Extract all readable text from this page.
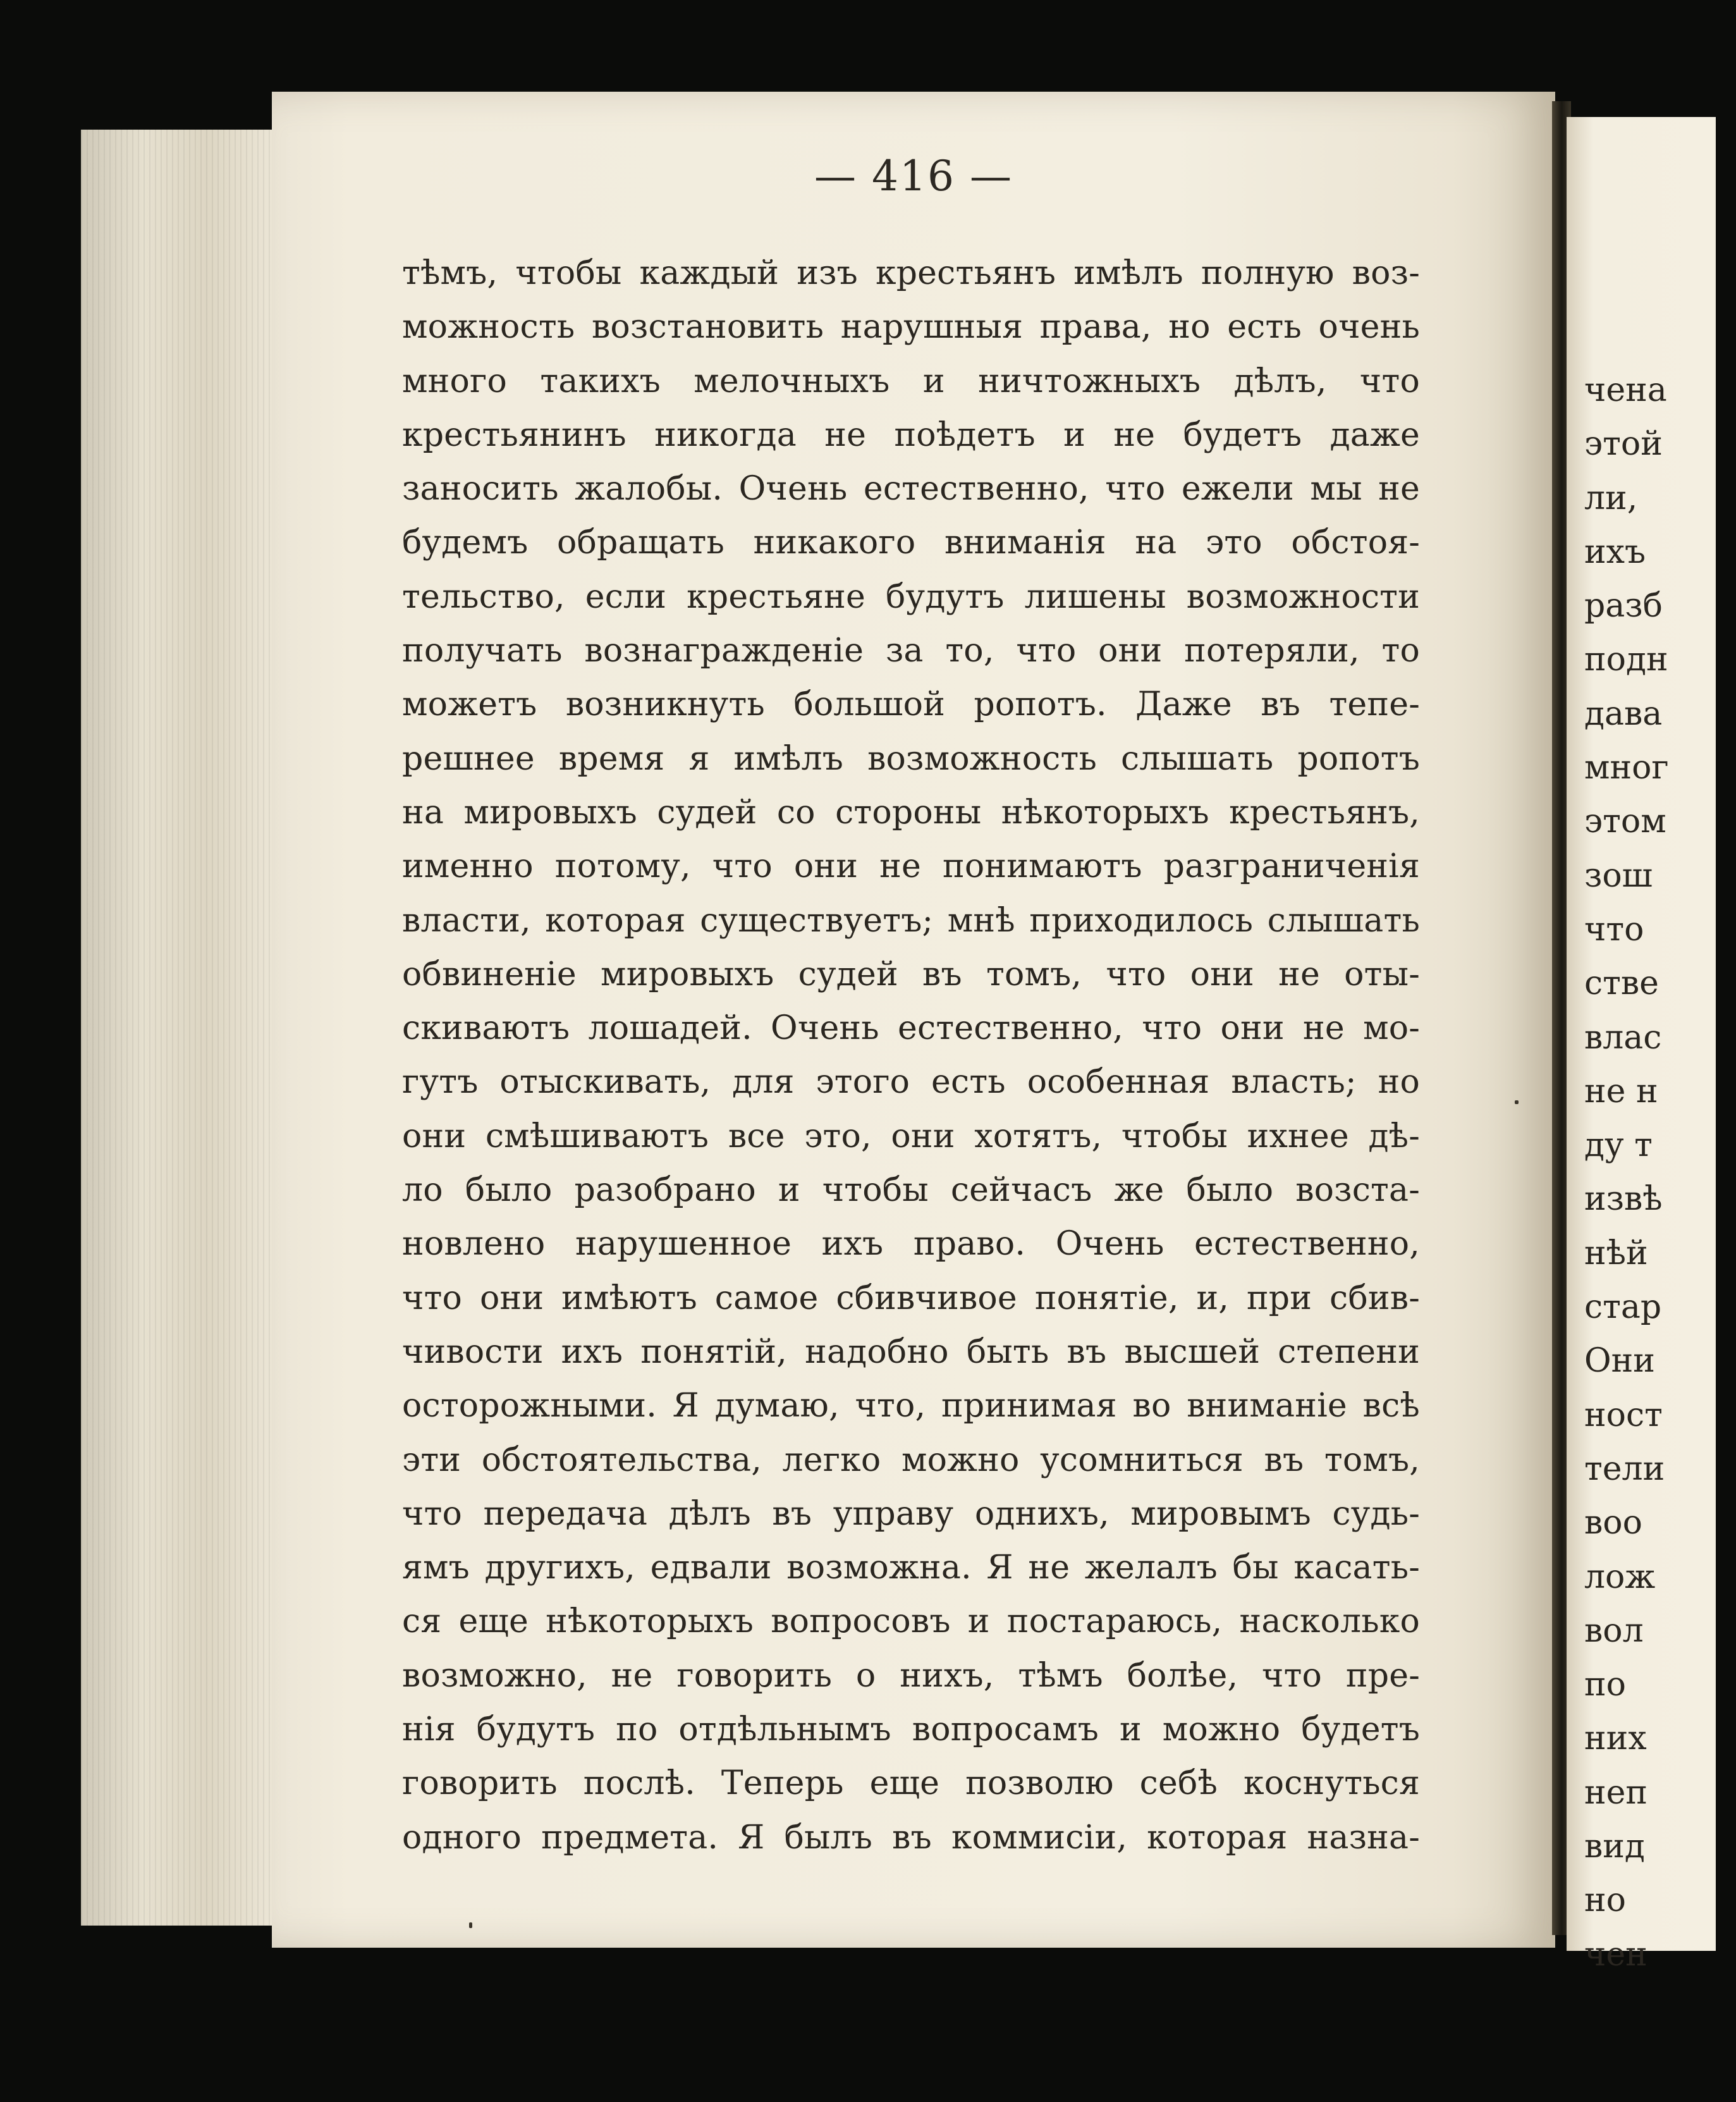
чена
этой
ли,
ихъ
разб
подн
дава
мног
этом
зош
что
стве
влас
не н
ду т
извѣ
нѣй
стар
Они
ност
тели
воо
лож
вол
по
них
неп
вид
но
чен
— 416 —
тѣмъ, чтобы каждый изъ крестьянъ имѣлъ полную воз-
можность возстановить нарушныя права, но есть очень
много такихъ мелочныхъ и ничтожныхъ дѣлъ, что
крестьянинъ никогда не поѣдетъ и не будетъ даже
заносить жалобы. Очень естественно, что ежели мы не
будемъ обращать никакого вниманія на это обстоя-
тельство, если крестьяне будутъ лишены возможности
получать вознагражденіе за то, что они потеряли, то
можетъ возникнуть большой ропотъ. Даже въ тепе-
решнее время я имѣлъ возможность слышать ропотъ
на мировыхъ судей со стороны нѣкоторыхъ крестьянъ,
именно потому, что они не понимаютъ разграниченія
власти, которая существуетъ; мнѣ приходилось слышать
обвиненіе мировыхъ судей въ томъ, что они не оты-
скиваютъ лошадей. Очень естественно, что они не мо-
гутъ отыскивать, для этого есть особенная власть; но
они смѣшиваютъ все это, они хотятъ, чтобы ихнее дѣ-
ло было разобрано и чтобы сейчасъ же было возста-
новлено нарушенное ихъ право. Очень естественно,
что они имѣютъ самое сбивчивое понятіе, и, при сбив-
чивости ихъ понятій, надобно быть въ высшей степени
осторожными. Я думаю, что, принимая во вниманіе всѣ
эти обстоятельства, легко можно усомниться въ томъ,
что передача дѣлъ въ управу однихъ, мировымъ судь-
ямъ другихъ, едвали возможна. Я не желалъ бы касать-
ся еще нѣкоторыхъ вопросовъ и постараюсь, насколько
возможно, не говорить о нихъ, тѣмъ болѣе, что пре-
нія будутъ по отдѣльнымъ вопросамъ и можно будетъ
говорить послѣ. Теперь еще позволю себѣ коснуться
одного предмета. Я былъ въ коммисіи, которая назна-
